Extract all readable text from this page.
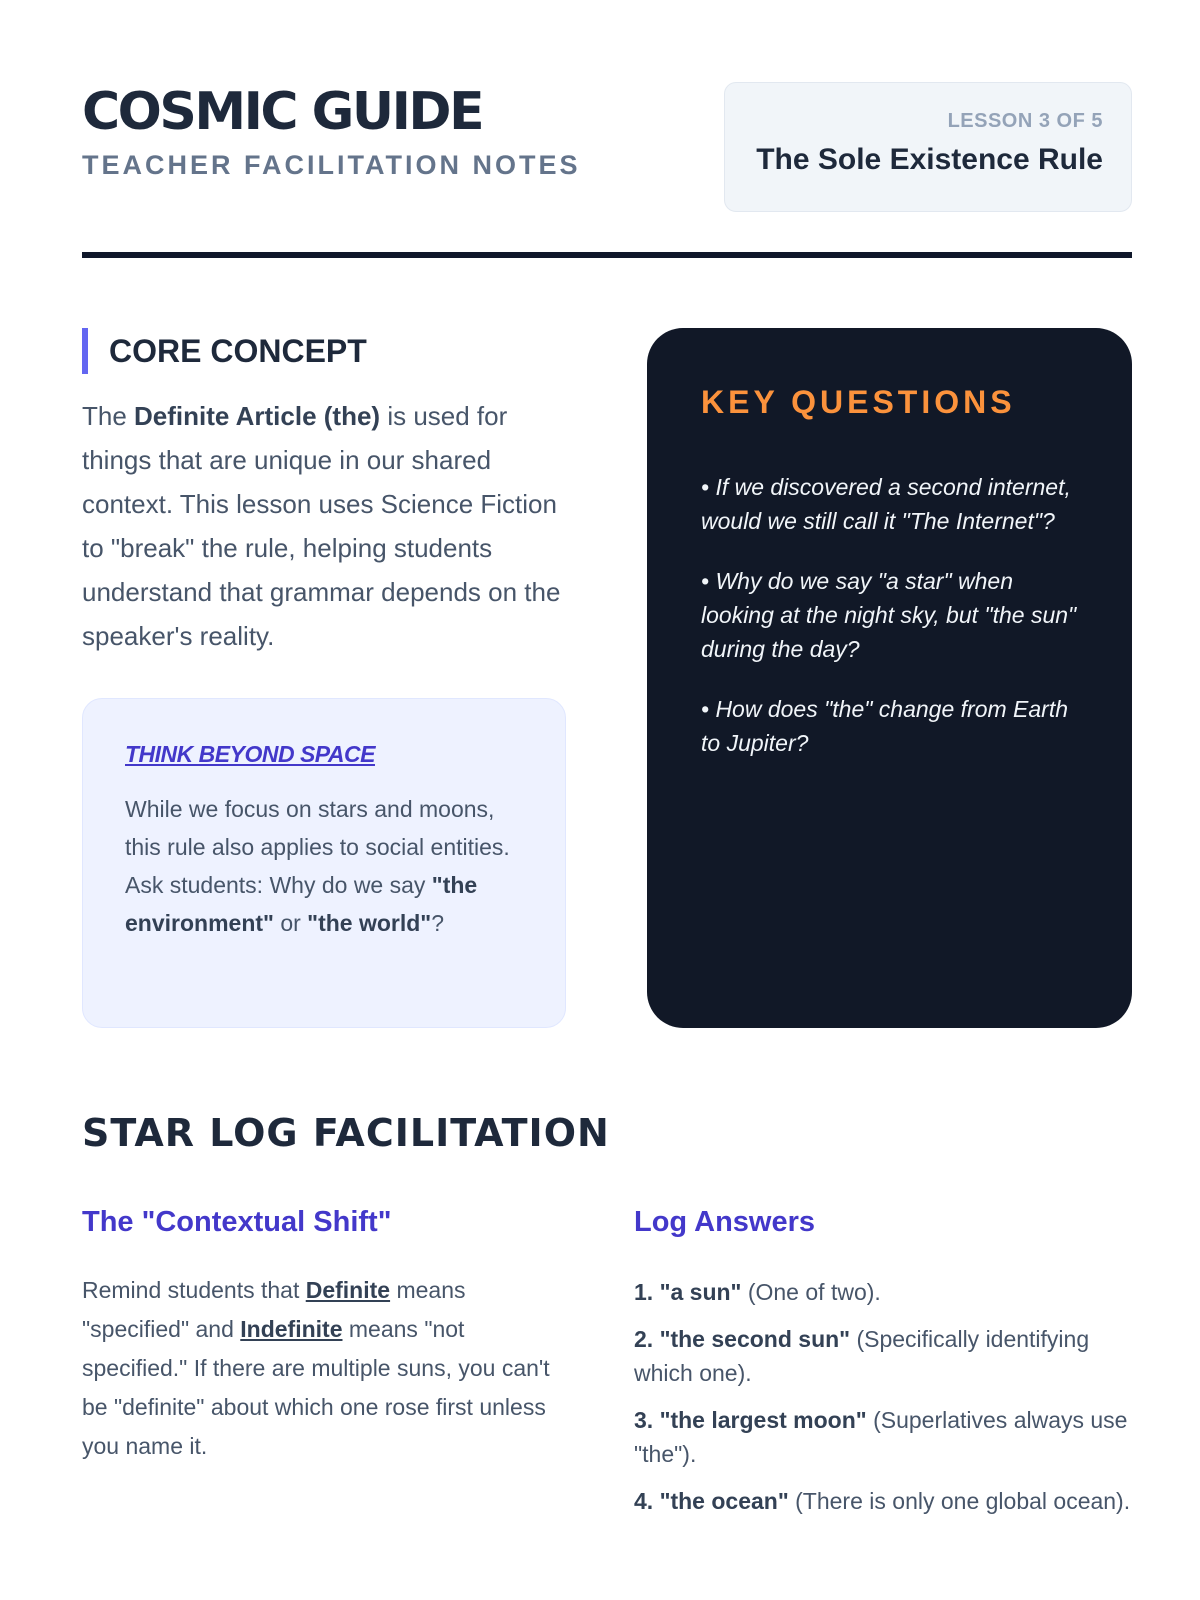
COSMIC GUIDE
TEACHER FACILITATION NOTES
LESSON 3 OF 5
The Sole Existence Rule
CORE CONCEPT

The Definite Article (the) is used for things that are unique in our shared context. This lesson uses Science Fiction to "break" the rule, helping students understand that grammar depends on the speaker's reality.

THINK BEYOND SPACE

While we focus on stars and moons, this rule also applies to social entities. Ask students: Why do we say "the environment" or "the world"?

KEY QUESTIONS
• If we discovered a second internet, would we still call it "The Internet"?
• Why do we say "a star" when looking at the night sky, but "the sun" during the day?
• How does "the" change from Earth to Jupiter?
STAR LOG FACILITATION
The "Contextual Shift"

Remind students that Definite means "specified" and Indefinite means "not specified." If there are multiple suns, you can't be "definite" about which one rose first unless you name it.

Log Answers
1. "a sun" (One of two).
2. "the second sun" (Specifically identifying which one).
3. "the largest moon" (Superlatives always use "the").
4. "the ocean" (There is only one global ocean).
